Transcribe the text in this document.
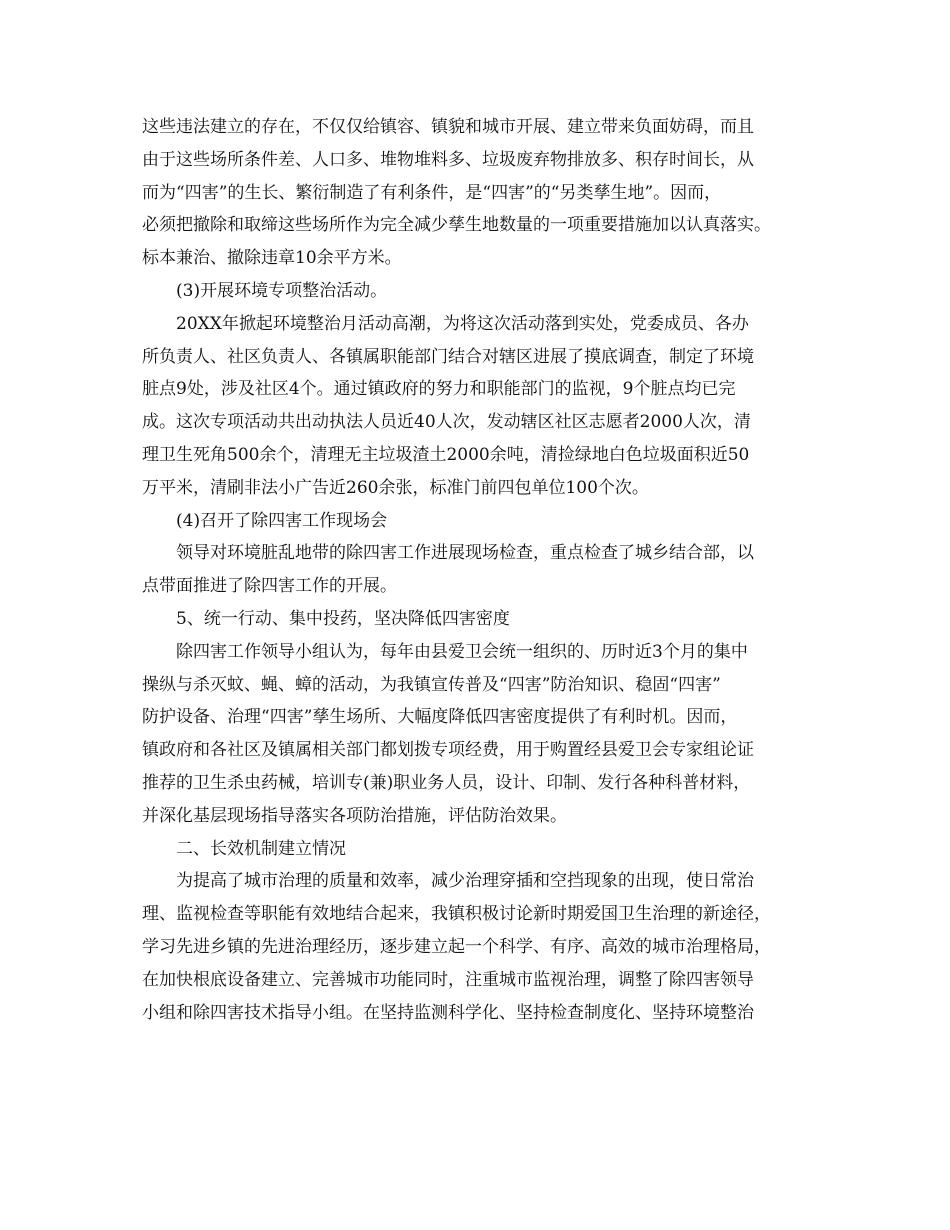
这些违法建立的存在，不仅仅给镇容、镇貌和城市开展、建立带来负面妨碍，而且
由于这些场所条件差、人口多、堆物堆料多、垃圾废弃物排放多、积存时间长，从
而为“四害”的生长、繁衍制造了有利条件，是“四害”的“另类孳生地”。因而，
必须把撤除和取缔这些场所作为完全减少孳生地数量的一项重要措施加以认真落实。
标本兼治、撤除违章10余平方米。
(3)开展环境专项整治活动。
20XX年掀起环境整治月活动高潮，为将这次活动落到实处，党委成员、各办
所负责人、社区负责人、各镇属职能部门结合对辖区进展了摸底调查，制定了环境
脏点9处，涉及社区4个。通过镇政府的努力和职能部门的监视，9个脏点均已完
成。这次专项活动共出动执法人员近40人次，发动辖区社区志愿者2000人次，清
理卫生死角500余个，清理无主垃圾渣土2000余吨，清捡绿地白色垃圾面积近50
万平米，清刷非法小广告近260余张，标准门前四包单位100个次。
(4)召开了除四害工作现场会
领导对环境脏乱地带的除四害工作进展现场检查，重点检查了城乡结合部，以
点带面推进了除四害工作的开展。
5、统一行动、集中投药，坚决降低四害密度
除四害工作领导小组认为，每年由县爱卫会统一组织的、历时近3个月的集中
操纵与杀灭蚊、蝇、蟑的活动，为我镇宣传普及“四害”防治知识、稳固“四害”
防护设备、治理“四害”孳生场所、大幅度降低四害密度提供了有利时机。因而，
镇政府和各社区及镇属相关部门都划拨专项经费，用于购置经县爱卫会专家组论证
推荐的卫生杀虫药械，培训专(兼)职业务人员，设计、印制、发行各种科普材料，
并深化基层现场指导落实各项防治措施，评估防治效果。
二、长效机制建立情况
为提高了城市治理的质量和效率，减少治理穿插和空挡现象的出现，使日常治
理、监视检查等职能有效地结合起来，我镇积极讨论新时期爱国卫生治理的新途径，
学习先进乡镇的先进治理经历，逐步建立起一个科学、有序、高效的城市治理格局，
在加快根底设备建立、完善城市功能同时，注重城市监视治理，调整了除四害领导
小组和除四害技术指导小组。在坚持监测科学化、坚持检查制度化、坚持环境整治
